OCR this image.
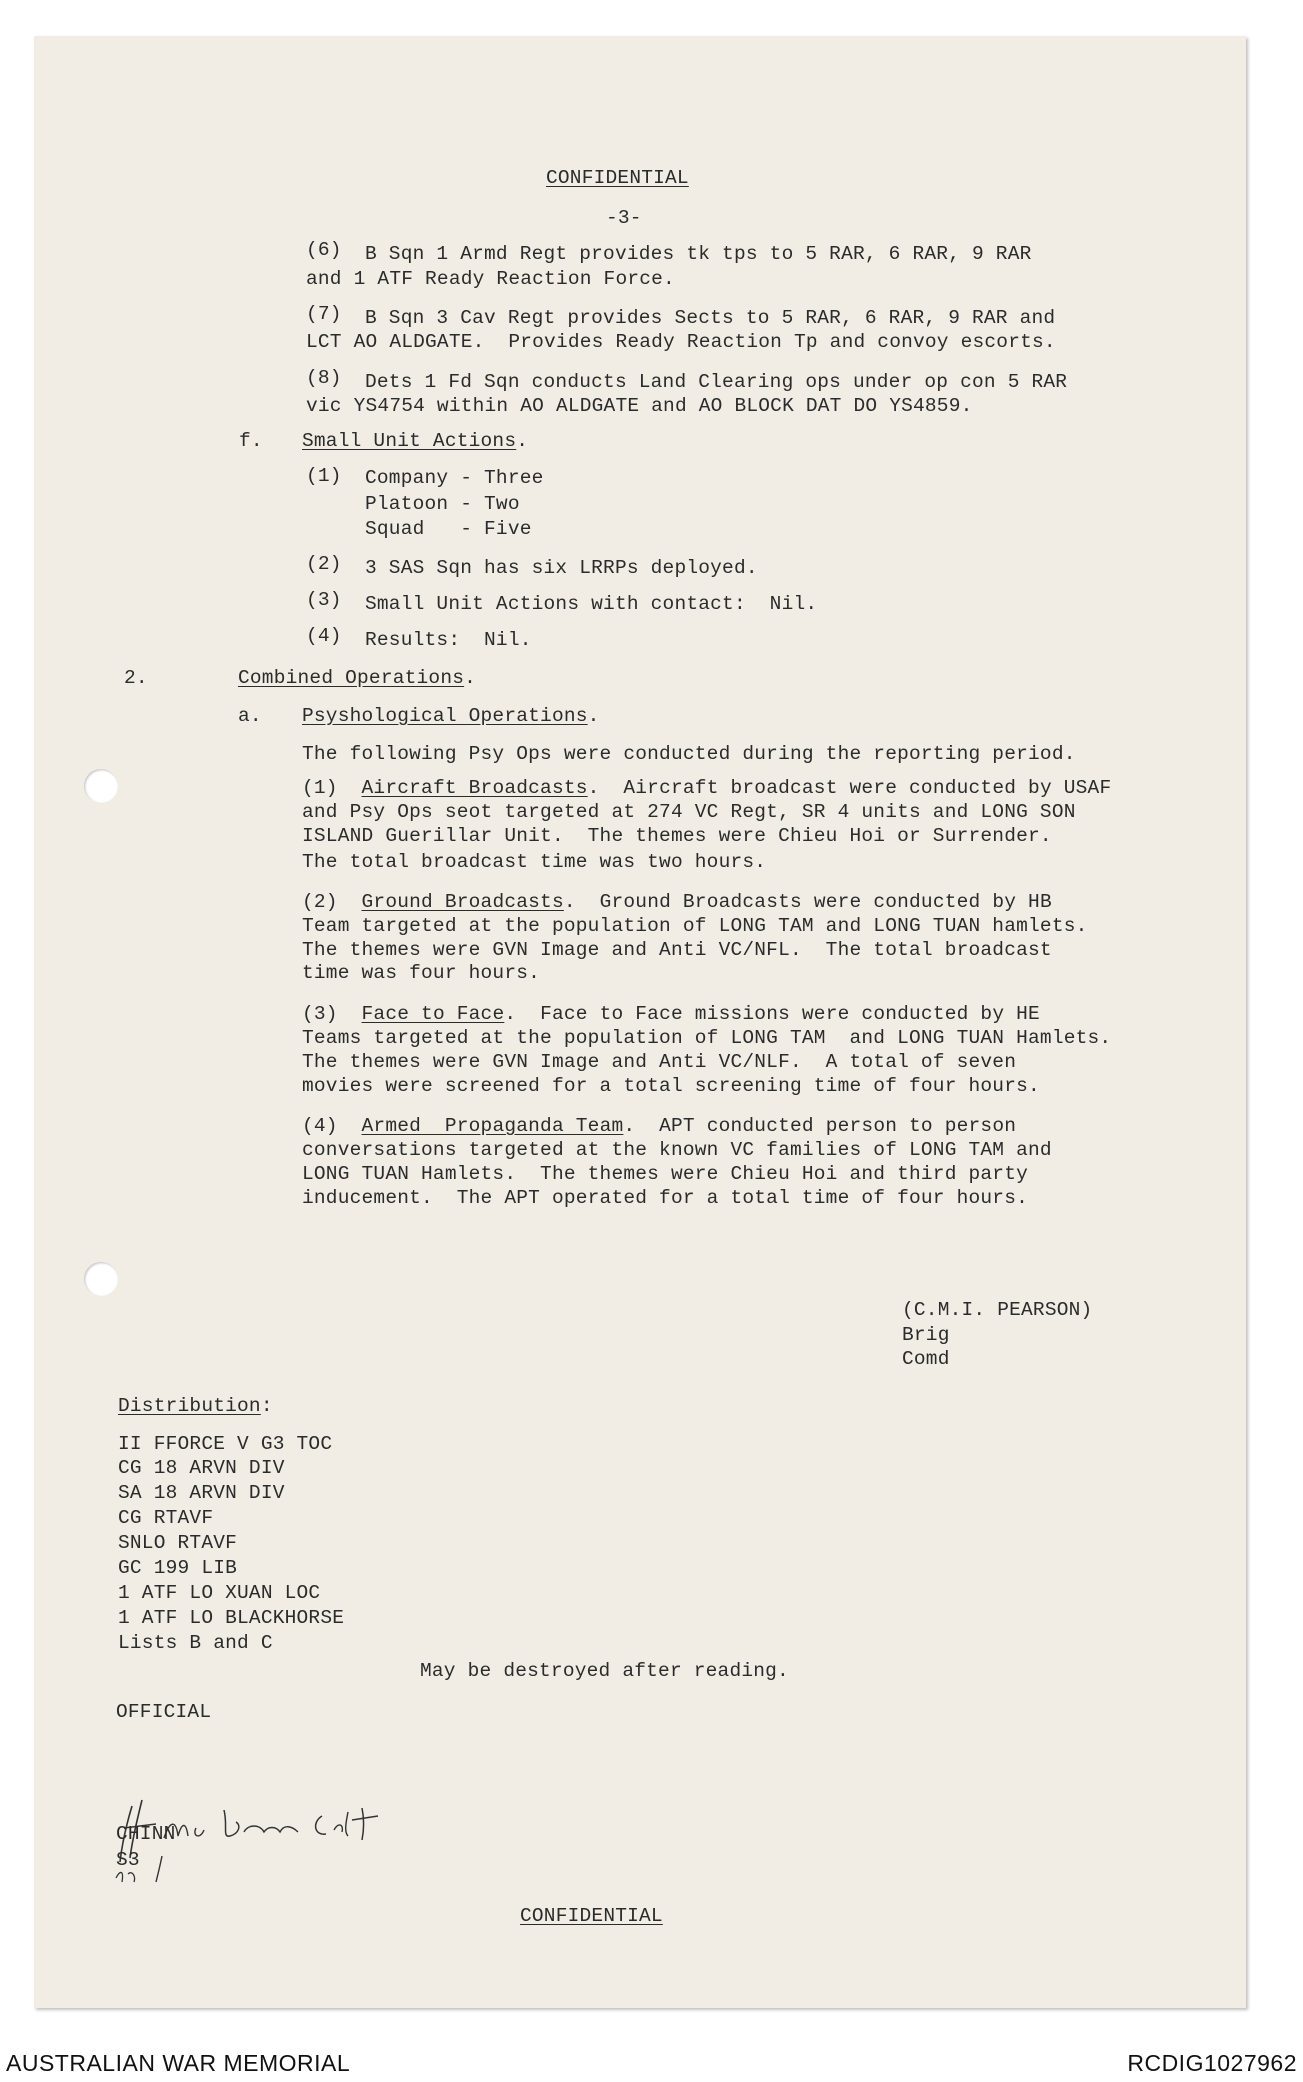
CONFIDENTIAL
-3-
(6) B Sqn 1 Armd Regt provides tk tps to 5 RAR, 6 RAR, 9 RAR
and 1 ATF Ready Reaction Force.
(7) B Sqn 3 Cav Regt provides Sects to 5 RAR, 6 RAR, 9 RAR and
LCT AO ALDGATE.  Provides Ready Reaction Tp and convoy escorts.
(8) Dets 1 Fd Sqn conducts Land Clearing ops under op con 5 RAR
vic YS4754 within AO ALDGATE and AO BLOCK DAT DO YS4859.
f. Small Unit Actions.
(1) Company - Three
Platoon - Two
Squad   - Five
(2) 3 SAS Sqn has six LRRPs deployed.
(3) Small Unit Actions with contact:  Nil.
(4) Results:  Nil.
2.	Combined Operations.
a. Psyshological Operations.
The following Psy Ops were conducted during the reporting period.
(1) Aircraft Broadcasts.  Aircraft broadcast were conducted by USAF
and Psy Ops seot targeted at 274 VC Regt, SR 4 units and LONG SON
ISLAND Guerillar Unit.  The themes were Chieu Hoi or Surrender.
The total broadcast time was two hours.
(2) Ground Broadcasts.  Ground Broadcasts were conducted by HB
Team targeted at the population of LONG TAM and LONG TUAN hamlets.
The themes were GVN Image and Anti VC/NFL.  The total broadcast
time was four hours.
(3) Face to Face.  Face to Face missions were conducted by HE
Teams targeted at the population of LONG TAM  and LONG TUAN Hamlets.
The themes were GVN Image and Anti VC/NLF.  A total of seven
movies were screened for a total screening time of four hours.
(4) Armed  Propaganda Team.  APT conducted person to person
conversations targeted at the known VC families of LONG TAM and
LONG TUAN Hamlets.  The themes were Chieu Hoi and third party
inducement.  The APT operated for a total time of four hours.
(C.M.I. PEARSON)
Brig
Comd
Distribution:
II FFORCE V G3 TOC
CG 18 ARVN DIV
SA 18 ARVN DIV
CG RTAVF
SNLO RTAVF
GC 199 LIB
1 ATF LO XUAN LOC
1 ATF LO BLACKHORSE
Lists B and C
May be destroyed after reading.
OFFICIAL
CHINN
S3
CONFIDENTIAL
AUSTRALIAN WAR MEMORIAL	RCDIG1027962
